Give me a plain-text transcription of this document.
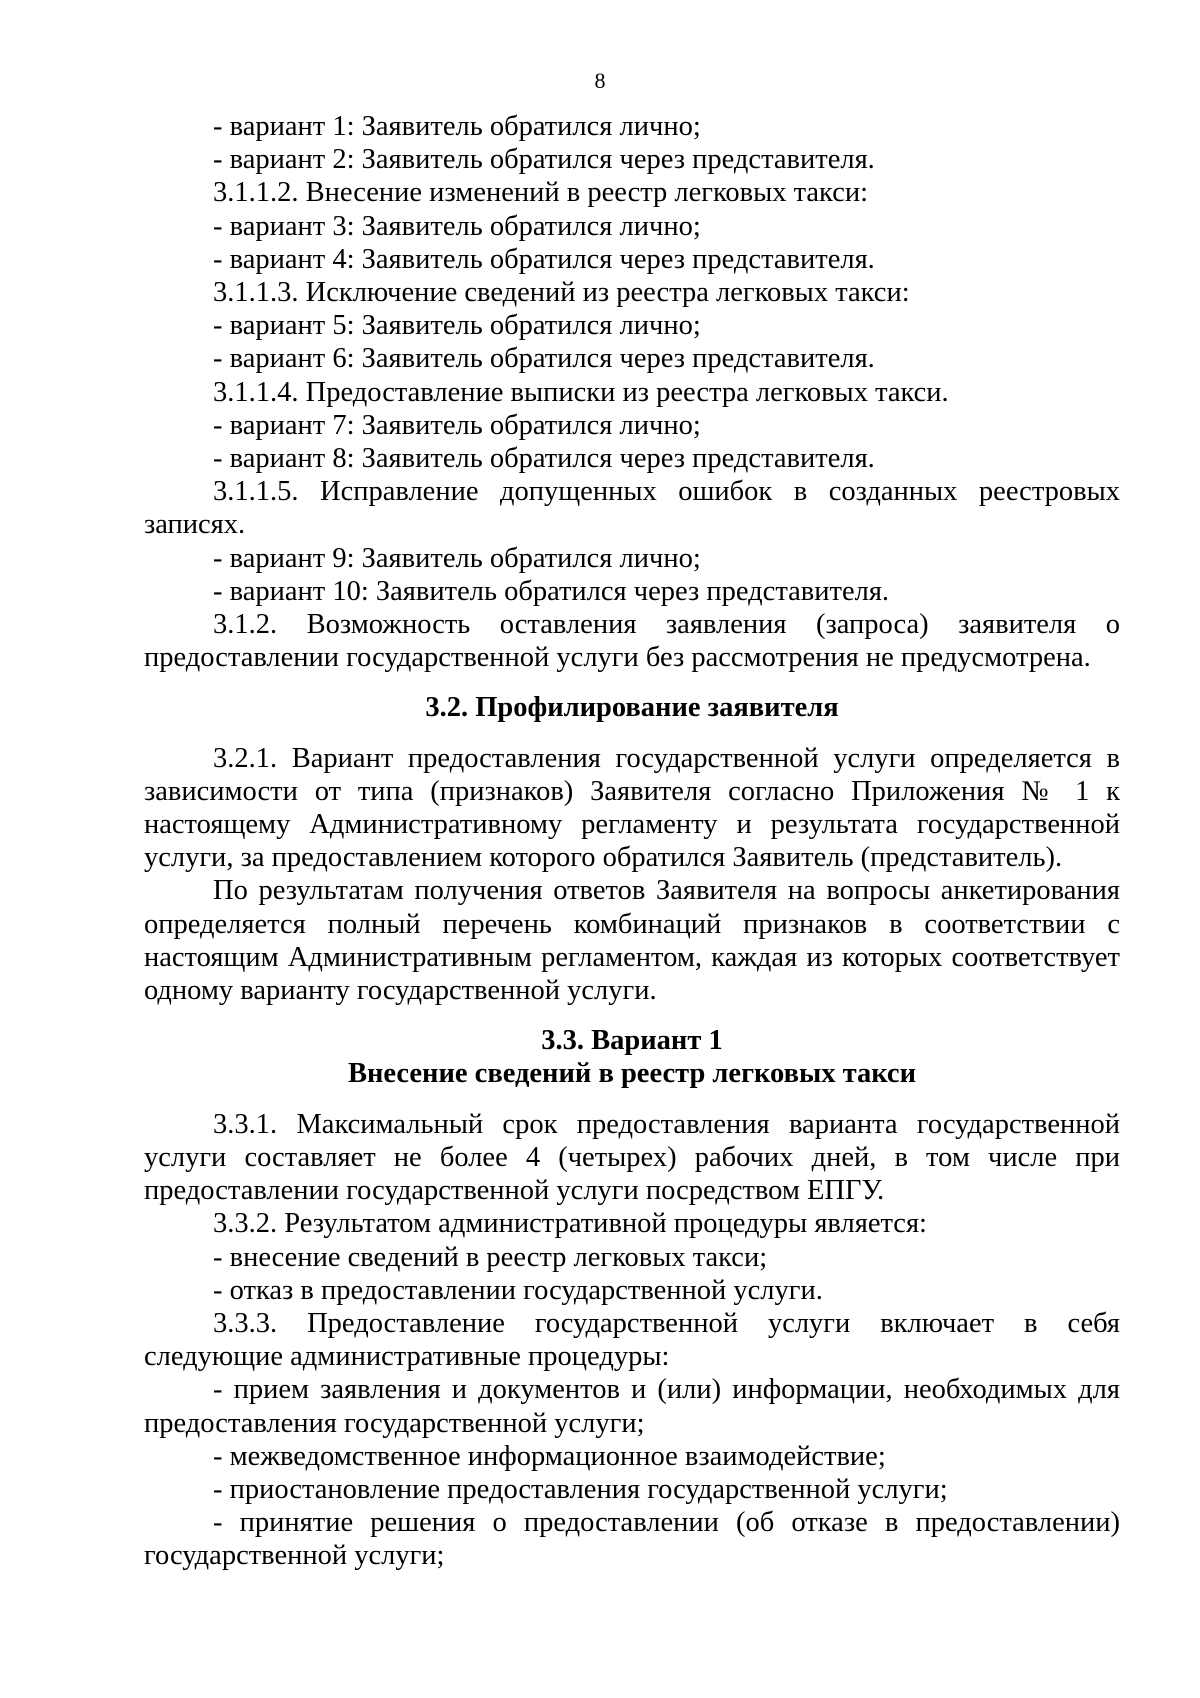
8

- вариант 1: Заявитель обратился лично;

- вариант 2: Заявитель обратился через представителя.

3.1.1.2. Внесение изменений в реестр легковых такси:

- вариант 3: Заявитель обратился лично;

- вариант 4: Заявитель обратился через представителя.

3.1.1.3. Исключение сведений из реестра легковых такси:

- вариант 5: Заявитель обратился лично;

- вариант 6: Заявитель обратился через представителя.

3.1.1.4. Предоставление выписки из реестра легковых такси.

- вариант 7: Заявитель обратился лично;

- вариант 8: Заявитель обратился через представителя.

3.1.1.5. Исправление допущенных ошибок в созданных реестровых записях.

- вариант 9: Заявитель обратился лично;

- вариант 10: Заявитель обратился через представителя.

3.1.2. Возможность оставления заявления (запроса) заявителя о предоставлении государственной услуги без рассмотрения не предусмотрена.

3.2. Профилирование заявителя

3.2.1. Вариант предоставления государственной услуги определяется в зависимости от типа (признаков) Заявителя согласно Приложения № 1 к настоящему Административному регламенту и результата государственной услуги, за предоставлением которого обратился Заявитель (представитель).

По результатам получения ответов Заявителя на вопросы анкетирования определяется полный перечень комбинаций признаков в соответствии с настоящим Административным регламентом, каждая из которых соответствует одному варианту государственной услуги.

3.3. Вариант 1
Внесение сведений в реестр легковых такси

3.3.1. Максимальный срок предоставления варианта государственной услуги составляет не более 4 (четырех) рабочих дней, в том числе при предоставлении государственной услуги посредством ЕПГУ.

3.3.2. Результатом административной процедуры является:

- внесение сведений в реестр легковых такси;

- отказ в предоставлении государственной услуги.

3.3.3. Предоставление государственной услуги включает в себя следующие административные процедуры:

- прием заявления и документов и (или) информации, необходимых для предоставления государственной услуги;

- межведомственное информационное взаимодействие;

- приостановление предоставления государственной услуги;

- принятие решения о предоставлении (об отказе в предоставлении) государственной услуги;
